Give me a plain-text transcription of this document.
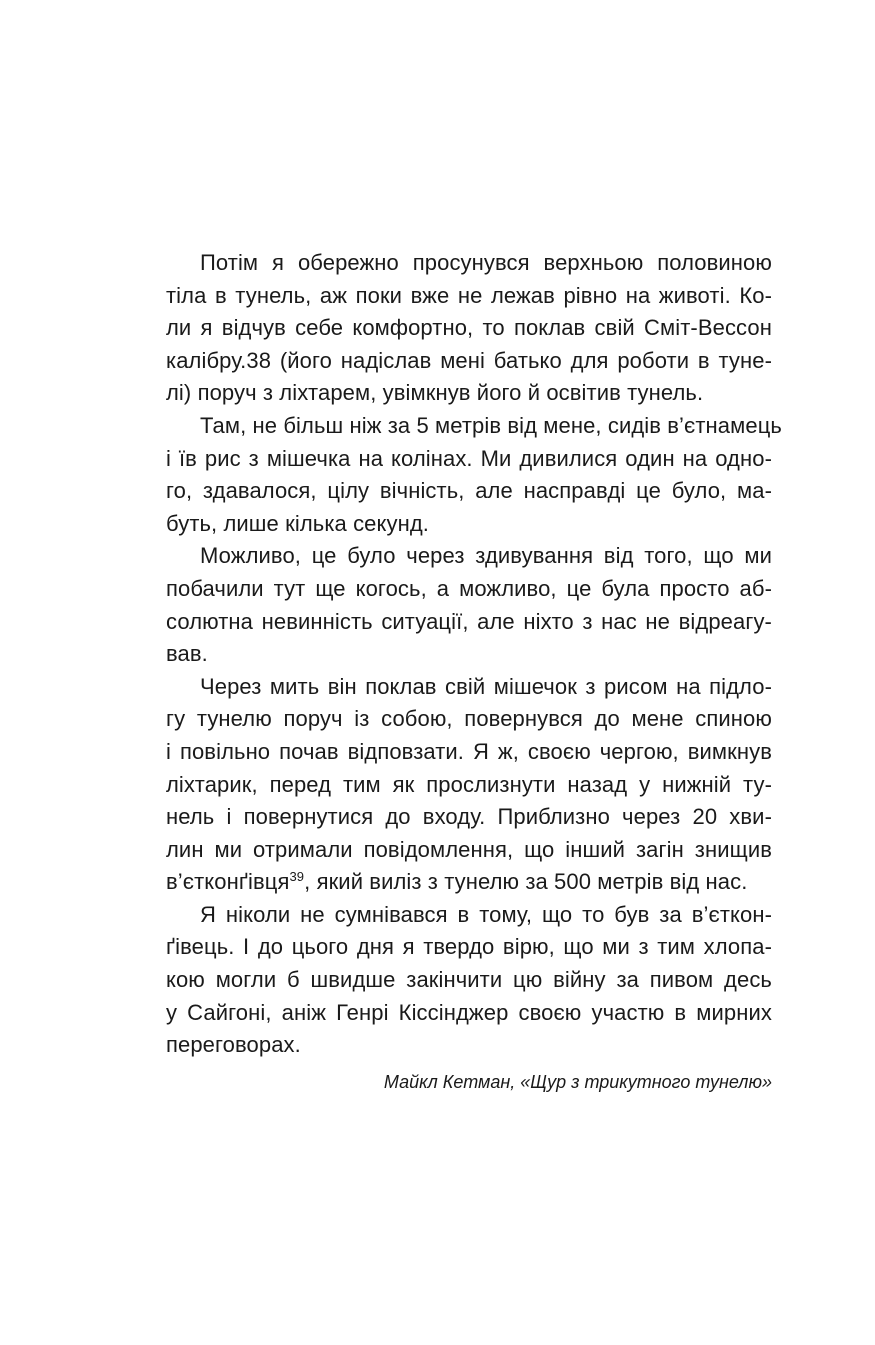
Потім я обережно просунувся верхньою половиною
тіла в тунель, аж поки вже не лежав рівно на животі. Ко-
ли я відчув себе комфортно, то поклав свій Сміт-Вессон
калібру.38 (його надіслав мені батько для роботи в туне-
лі) поруч з ліхтарем, увімкнув його й освітив тунель.
Там, не більш ніж за 5 метрів від мене, сидів в’єтнамець
і їв рис з мішечка на колінах. Ми дивилися один на одно-
го, здавалося, цілу вічність, але насправді це було, ма-
буть, лише кілька секунд.
Можливо, це було через здивування від того, що ми
побачили тут ще когось, а можливо, це була просто аб-
солютна невинність ситуації, але ніхто з нас не відреагу-
вав.
Через мить він поклав свій мішечок з рисом на підло-
гу тунелю поруч із собою, повернувся до мене спиною
і повільно почав відповзати. Я ж, своєю чергою, вимкнув
ліхтарик, перед тим як прослизнути назад у нижній ту-
нель і повернутися до входу. Приблизно через 20 хви-
лин ми отримали повідомлення, що інший загін знищив
в’єтконґівця$^{39}$, який виліз з тунелю за 500 метрів від нас.
Я ніколи не сумнівався в тому, що то був за в’єткон-
ґівець. І до цього дня я твердо вірю, що ми з тим хлопа-
кою могли б швидше закінчити цю війну за пивом десь
у Сайгоні, аніж Генрі Кіссінджер своєю участю в мирних
переговорах.
Майкл Кетман, «Щур з трикутного тунелю»
